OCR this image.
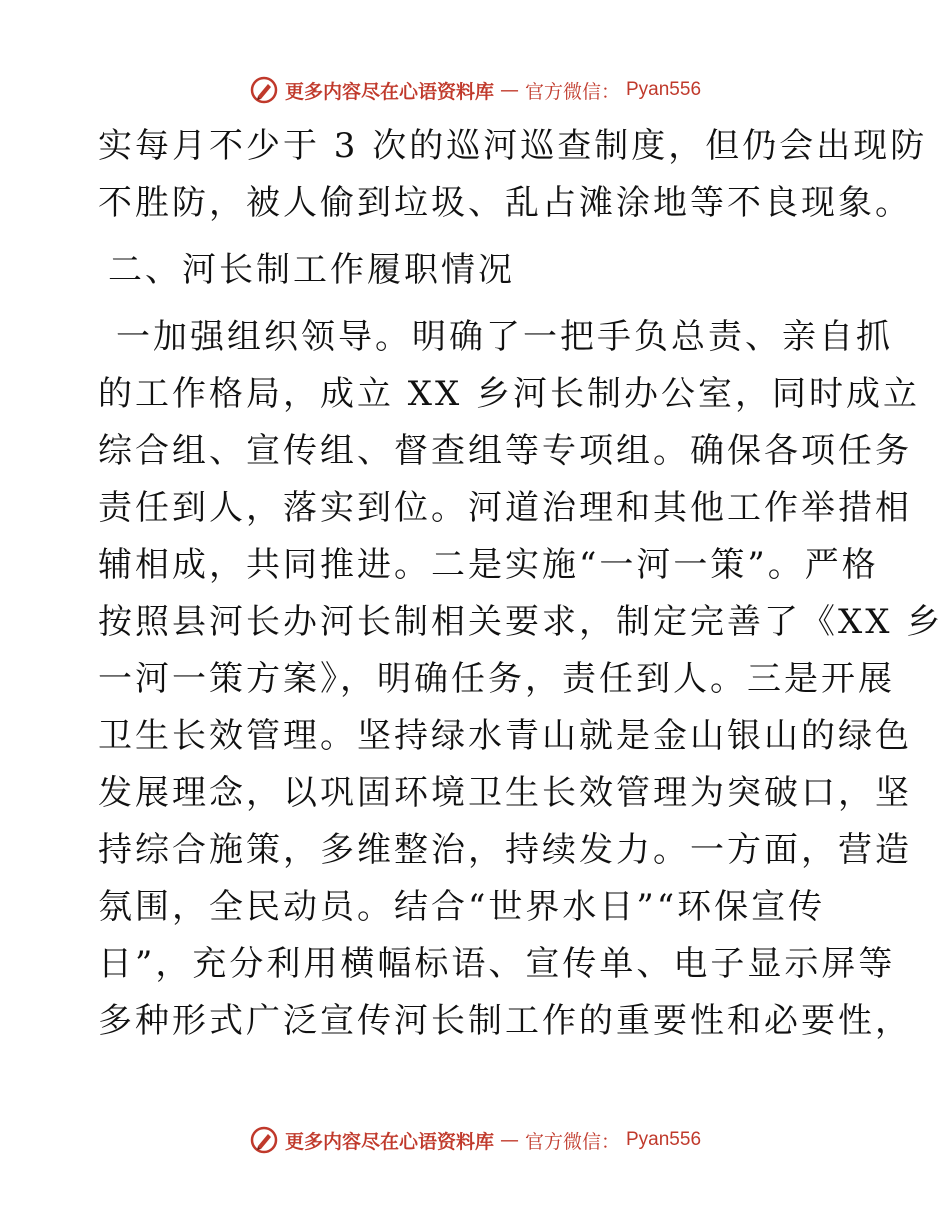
更多内容尽在心语资料库 — 官方微信： Pyan556
实每月不少于 3 次的巡河巡查制度，但仍会出现防
不胜防，被人偷到垃圾、乱占滩涂地等不良现象。
二、河长制工作履职情况
一加强组织领导。明确了一把手负总责、亲自抓
的工作格局，成立 XX 乡河长制办公室，同时成立
综合组、宣传组、督查组等专项组。确保各项任务
责任到人，落实到位。河道治理和其他工作举措相
辅相成，共同推进。二是实施“一河一策”。严格
按照县河长办河长制相关要求，制定完善了《XX 乡
一河一策方案》，明确任务，责任到人。三是开展
卫生长效管理。坚持绿水青山就是金山银山的绿色
发展理念，以巩固环境卫生长效管理为突破口，坚
持综合施策，多维整治，持续发力。一方面，营造
氛围，全民动员。结合“世界水日”“环保宣传
日”，充分利用横幅标语、宣传单、电子显示屏等
多种形式广泛宣传河长制工作的重要性和必要性，
更多内容尽在心语资料库 — 官方微信： Pyan556
